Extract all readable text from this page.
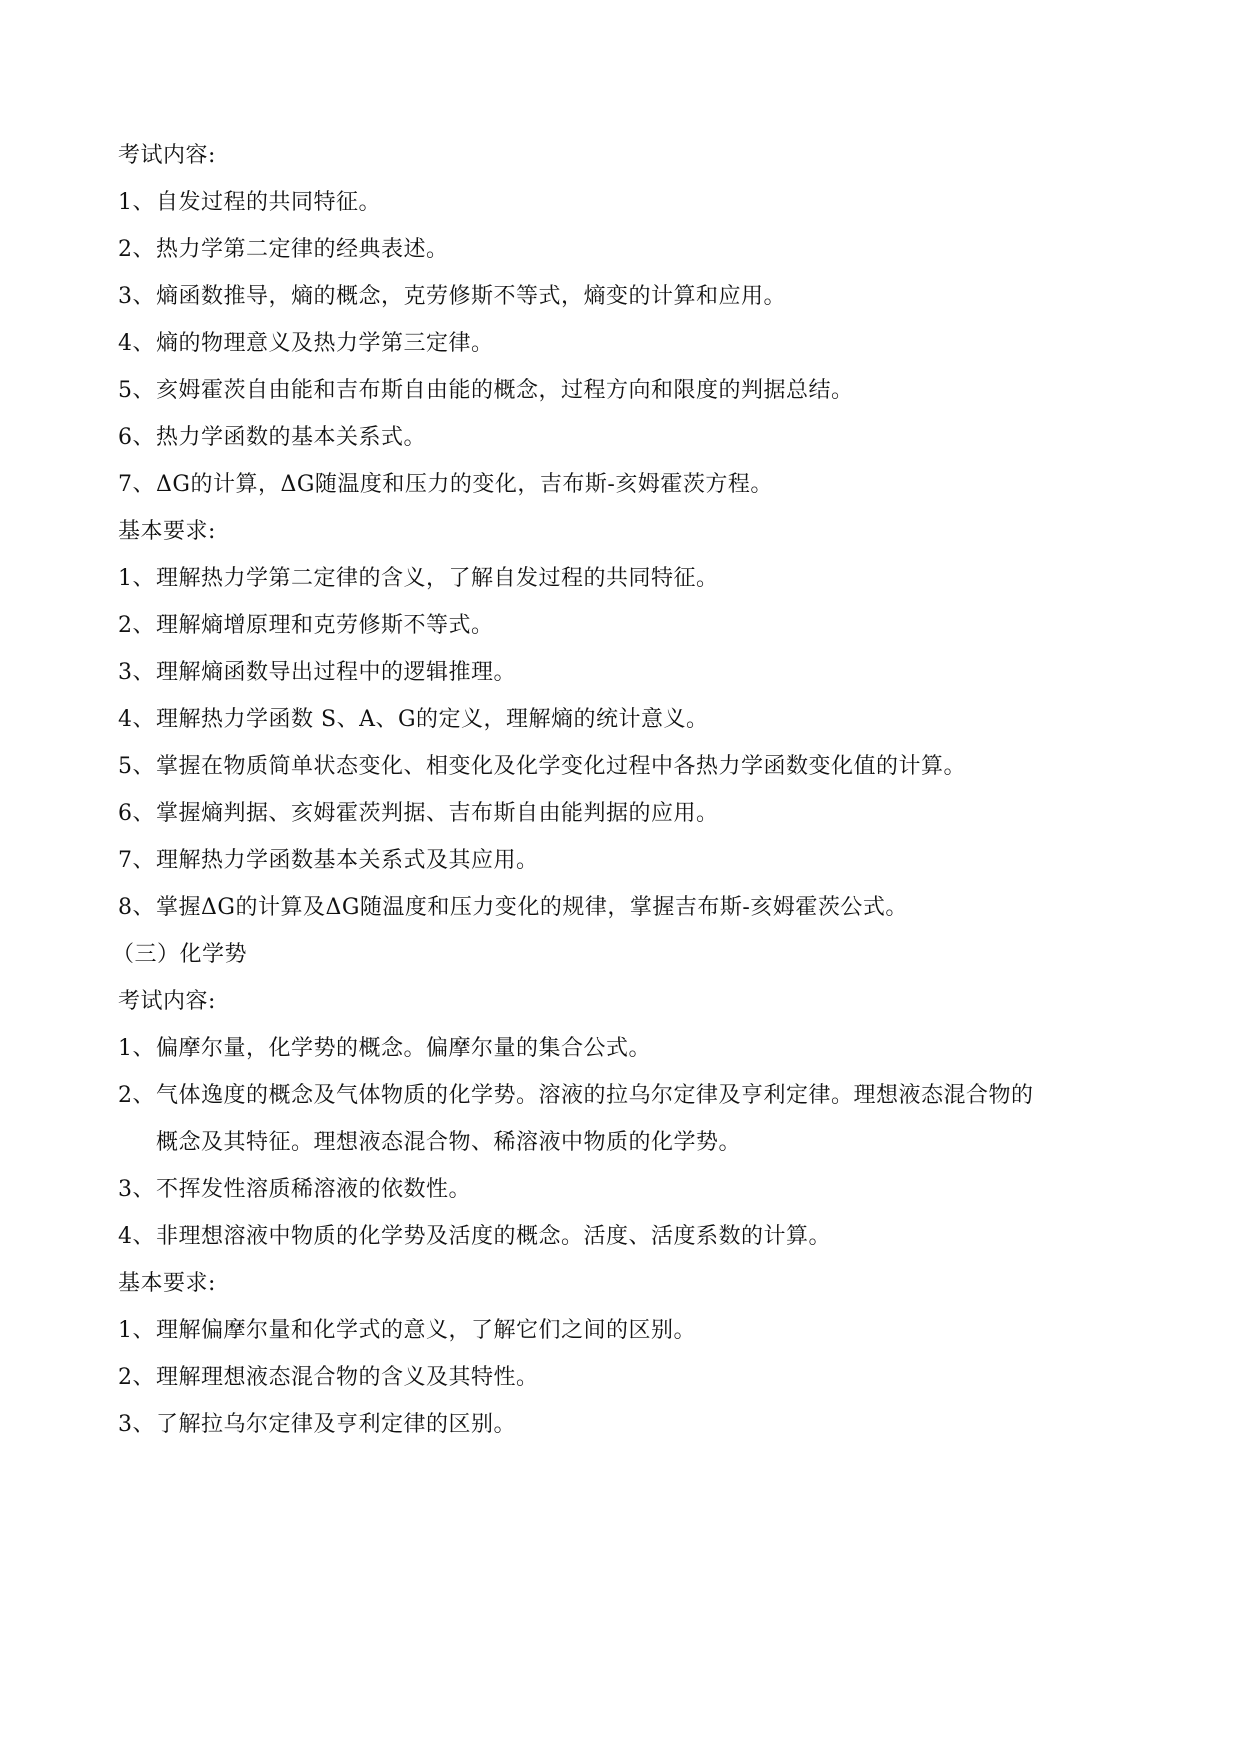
考试内容:

1、 自发过程的共同特征。

2、 热力学第二定律的经典表述。

3、 熵函数推导，熵的概念，克劳修斯不等式，熵变的计算和应用。

4、 熵的物理意义及热力学第三定律。

5、 亥姆霍茨自由能和吉布斯自由能的概念，过程方向和限度的判据总结。

6、 热力学函数的基本关系式。

7、 ΔG的计算，ΔG随温度和压力的变化，吉布斯-亥姆霍茨方程。

基本要求:

1、 理解热力学第二定律的含义，了解自发过程的共同特征。

2、 理解熵增原理和克劳修斯不等式。

3、 理解熵函数导出过程中的逻辑推理。

4、 理解热力学函数 S、A、G的定义，理解熵的统计意义。

5、 掌握在物质简单状态变化、相变化及化学变化过程中各热力学函数变化值的计算。

6、 掌握熵判据、亥姆霍茨判据、吉布斯自由能判据的应用。

7、 理解热力学函数基本关系式及其应用。

8、 掌握ΔG的计算及ΔG随温度和压力变化的规律，掌握吉布斯-亥姆霍茨公式。

（三）化学势

考试内容:

1、 偏摩尔量，化学势的概念。偏摩尔量的集合公式。

2、 气体逸度的概念及气体物质的化学势。溶液的拉乌尔定律及亨利定律。理想液态混合物的
概念及其特征。理想液态混合物、稀溶液中物质的化学势。

3、 不挥发性溶质稀溶液的依数性。

4、 非理想溶液中物质的化学势及活度的概念。活度、活度系数的计算。

基本要求:

1、 理解偏摩尔量和化学式的意义，了解它们之间的区别。

2、 理解理想液态混合物的含义及其特性。

3、 了解拉乌尔定律及亨利定律的区别。
